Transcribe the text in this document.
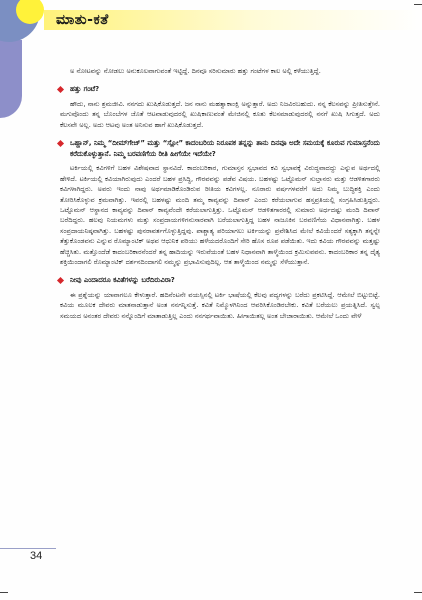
ಮಾತು-ಕತೆ

ಅ ನೋಟವನ್ನು ನೋಡಲು ಅನುಕೂಲವಾಗುವಂತೆ ಇಟ್ಟಿದ್ದೆ. ದಿನವೂ ಸರಿಸುಮಾರು ಹತ್ತು ಗಂಟೆಗಳ ಕಾಲ ಅಲ್ಲಿ ಕಳೆಯುತ್ತಿದ್ದೆ.

ಹತ್ತು ಗಂಟೆ?

ಹೌದು, ನಾನು ಶ್ರಮಜೀವಿ. ನನಗದು ಖುಷಿಕೊಡುತ್ತದೆ. ಜನ ನಾನು ಮಹತ್ವಾಕಾಂಕ್ಷಿ ಅನ್ನುತ್ತಾರೆ. ಅದು ನಿಜವಿರಬಹುದು. ನನ್ನ ಕೆಲಸವನ್ನು ಪ್ರೀತಿಸುತ್ತೇನೆ. ಮಗುವೊಂದು ತನ್ನ ಬೊಂಬೆಗಳ ಜೊತೆ ಆಟವಾಡುವುದರಲ್ಲಿ ಖುಷಿಕಾಣುವಂತೆ ಮೇಜಿನಲ್ಲಿ ಕೂತು ಕೆಲಸಮಾಡುವುದರಲ್ಲಿ ನನಗೆ ಖುಷಿ ಸಿಗುತ್ತದೆ. ಅದು ಕೆಲಸವೇ ಅಲ್ಲ. ಅದು ಆಟವು ಅಂತ ಅನಿಸುವ ಹಾಗೆ ಖುಷಿಕೊಡುತ್ತದೆ.

ಒಹ್ಹಾನ್, ನಿಮ್ಮ “ದೀಮ್‌ಗೇಜ್” ಮತ್ತು “ಸ್ಲೋ” ಕಾದಂಬರಿಯ ನಿರೂಪಕ ತನ್ನನ್ನು ತಾನು ದಿನವೂ ಅದೇ ಸಮಯಕ್ಕೆ ಕೂರುವ ಗುಮಾಸ್ತನೆಂದು ಕರೆದುಕೊಳ್ಳುತ್ತಾನೆ. ನಿಮ್ಮ ಬರವಣಿಗೆಯ ರೀತಿ ಹೀಗೆಯೇ ಇದೆಯೇ?

ಟರ್ಕಿಯಲ್ಲಿ ಕವಿಗಳಿಗೆ ಬಹಳ ವಿಶೇಷವಾದ ಸ್ಥಾನವಿದೆ. ಕಾದಂಬರಿಕಾರ, ಗುಮಾಸ್ತನ ಸ್ವಭಾವದ ಕವಿ ಸ್ವಭಾವಕ್ಕೆ ವಿರುದ್ಧವಾದದ್ದು ಎನ್ನುವ ಅರ್ಥದಲ್ಲಿ ಹೇಳಿದೆ. ಟರ್ಕಿಯಲ್ಲಿ ಕವಿಯಾಗಿರುವುದು ಎಂದರೆ ಬಹಳ ಪ್ರಸಿದ್ಧಿ, ಗೌರವವನ್ನು ಪಡೆವ ವಿಷಯ. ಬಹಳಷ್ಟು ಒಟ್ಟೊಮನ್ ಸುಲ್ತಾನರು ಮತ್ತು ಆಡಳಿತಗಾರರು ಕವಿಗಳಾಗಿದ್ದರು. ಅವರು ಇಂದು ನಾವು ಅರ್ಥಮಾಡಿಕೊಂಡಿರುವ ರೀತಿಯ ಕವಿಗಳಲ್ಲ. ನೂರಾರು ವರ್ಷಗಳವರೆಗೆ ಅದು ನಿಮ್ಮ ಬುದ್ಧಿಶಕ್ತಿ ಎಂದು ತೋರಿಸಿಕೊಳ್ಳುವ ಕ್ರಮವಾಗಿತ್ತು. ಇವರಲ್ಲಿ ಬಹಳಷ್ಟು ಮಂದಿ ತಮ್ಮ ಕಾವ್ಯವನ್ನು ದಿವಾನ್ ಎಂದು ಕರೆಯಲಾಗುವ ಹಸ್ತಪ್ರತಿಯಲ್ಲಿ ಸಂಗ್ರಹಿಸಿಡುತ್ತಿದ್ದರು. ಒಟ್ಟೊಮನ್ ಆಸ್ಥಾನದ ಕಾವ್ಯವನ್ನು ದಿವಾನ್ ಕಾವ್ಯವೆಂದೇ ಕರೆಯಲಾಗುತ್ತಿತ್ತು. ಒಟ್ಟೊಮನ್ ಆಡಳಿತಗಾರರಲ್ಲಿ ಸುಮಾರು ಅರ್ಧದಷ್ಟು ಮಂದಿ ದಿವಾನ್ ಬರೆದಿದ್ದರು. ಹಲವು ನಿಯಮಗಳು ಮತ್ತು ಸಂಪ್ರದಾಯಗಳಿಗನುಸಾರವಾಗಿ ಬರೆಯಲಾಗುತ್ತಿದ್ದ ಬಹಳ ನಾಜೂಕಿನ ಬರವಣಿಗೆಯ ವಿಧಾನವಾಗಿತ್ತು. ಬಹಳ ಸಂಪ್ರದಾಯನಿಷ್ಠವಾಗಿತ್ತು. ಬಹಳಷ್ಟು ಪುನರಾವರ್ತಗೊಳ್ಳುತ್ತಿದ್ದವು. ಪಾಶ್ಚಾತ್ಯ ಪರಿಯಾಗಲು ಟರ್ಕಿಯನ್ನು ಪ್ರವೇಶಿಸಿದ ಮೇಲೆ ಕವಿಯೆಂದರೆ ಸತ್ಯಕ್ಕಾಗಿ ತನ್ನನ್ನೇ ತೆತ್ತುಕೊಂಡವನು ಎನ್ನುವ ರೊಮ್ಯಾಂಟಿಕ್ ಅಥವ ಆಧುನಿಕ ಪರಿಯು ಹಳೆಯದರೊಂದಿಗೆ ಸೇರಿ ಹೊಸ ರೂಪ ಪಡೆಯಿತು. ಇದು ಕವಿಯ ಗೌರವವನ್ನು ಮತ್ತಷ್ಟು ಹೆಚ್ಚಿಸಿತು. ಮತ್ತೊಂದೆಡೆ ಕಾದಂಬರಿಕಾರನೆಂದರೆ ತನ್ನ ಹಾದಿಯನ್ನು ಇರುವೆಯಂತೆ ಬಹಳ ನಿಧಾನವಾಗಿ ತಾಳ್ಮೆಯಿಂದ ಕ್ರಮಿಸುವವನು. ಕಾದಂಬರಿಕಾರ ತನ್ನ ದೈತ್ಯ ಶಕ್ತಿಯಿಂದಾಗಲಿ ರೊಮ್ಯಾಂಟಿಕ್ ದರ್ಶನದಿಂದಾಗಲಿ ನಮ್ಮನ್ನು ಪ್ರಭಾವಿಸುವುದಿಲ್ಲ. ಆತ ತಾಳ್ಮೆಯಿಂದ ನಮ್ಮನ್ನು ಸೆಳೆಯುತ್ತಾನೆ.

ನೀವು ಎಂದಾದರೂ ಕವಿತೆಗಳನ್ನು ಬರೆದಿರುವಿರಾ?

ಈ ಪ್ರಶ್ನೆಯನ್ನು ಯಾವಾಗಲೂ ಕೇಳುತ್ತಾರೆ. ಹದಿನೆಂಟನೇ ವಯಸ್ಸಿನಲ್ಲಿ ಟರ್ಕಿ ಭಾಷೆಯಲ್ಲಿ ಕೆಲವು ಪದ್ಯಗಳನ್ನು ಬರೆದು ಪ್ರಕಟಿಸಿದ್ದೆ. ಆಮೇಲೆ ಬಿಟ್ಟುಬಿಟ್ಟೆ. ಕವಿಯ ಮೂಲಕ ದೇವರು ಮಾತನಾಡುತ್ತಾನೆ ಅಂತ ನನಗನ್ನಿಸುತ್ತೆ. ಕವಿತೆ ನಿಮ್ಮೊಳಗಿನಿಂದ ಆವರಿಸಿಕೊಂಡಿರಬೇಕು. ಕವಿತೆ ಬರೆಯಲು ಪ್ರಯತ್ನಿಸಿದೆ. ಸ್ವಲ್ಪ ಸಮಯದ ಅನಂತರ ದೇವರು ನನ್ನೊಂದಿಗೆ ಮಾತಾಡುತ್ತಿಲ್ಲ ಎಂದು ನನಗರ್ಥವಾಯಿತು. ಹೀಗಾಯಿತಲ್ಲ ಅಂತ ಬೇಜಾರಾಯಿತು. ಆಮೇಲೆ ಒಂದು ವೇಳೆ

34
